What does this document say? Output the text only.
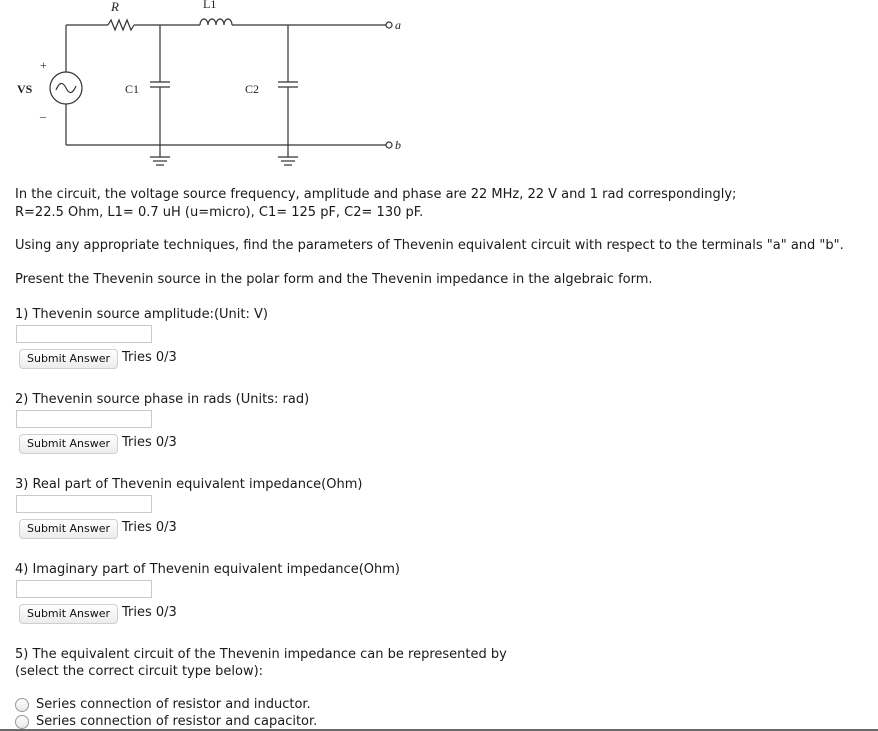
R	L1
C1	C2
VS
+
–
a
b
In the circuit, the voltage source frequency, amplitude and phase are 22 MHz, 22 V and 1 rad correspondingly;
R=22.5 Ohm, L1= 0.7 uH (u=micro), C1= 125 pF, C2= 130 pF.
Using any appropriate techniques, find the parameters of Thevenin equivalent circuit with respect to the terminals "a" and "b".
Present the Thevenin source in the polar form and the Thevenin impedance in the algebraic form.
1) Thevenin source amplitude:(Unit: V)
Submit Answer Tries 0/3
2) Thevenin source phase in rads (Units: rad)
Submit Answer Tries 0/3
3) Real part of Thevenin equivalent impedance(Ohm)
Submit Answer Tries 0/3
4) Imaginary part of Thevenin equivalent impedance(Ohm)
Submit Answer Tries 0/3
5) The equivalent circuit of the Thevenin impedance can be represented by
(select the correct circuit type below):
Series connection of resistor and inductor.
Series connection of resistor and capacitor.
